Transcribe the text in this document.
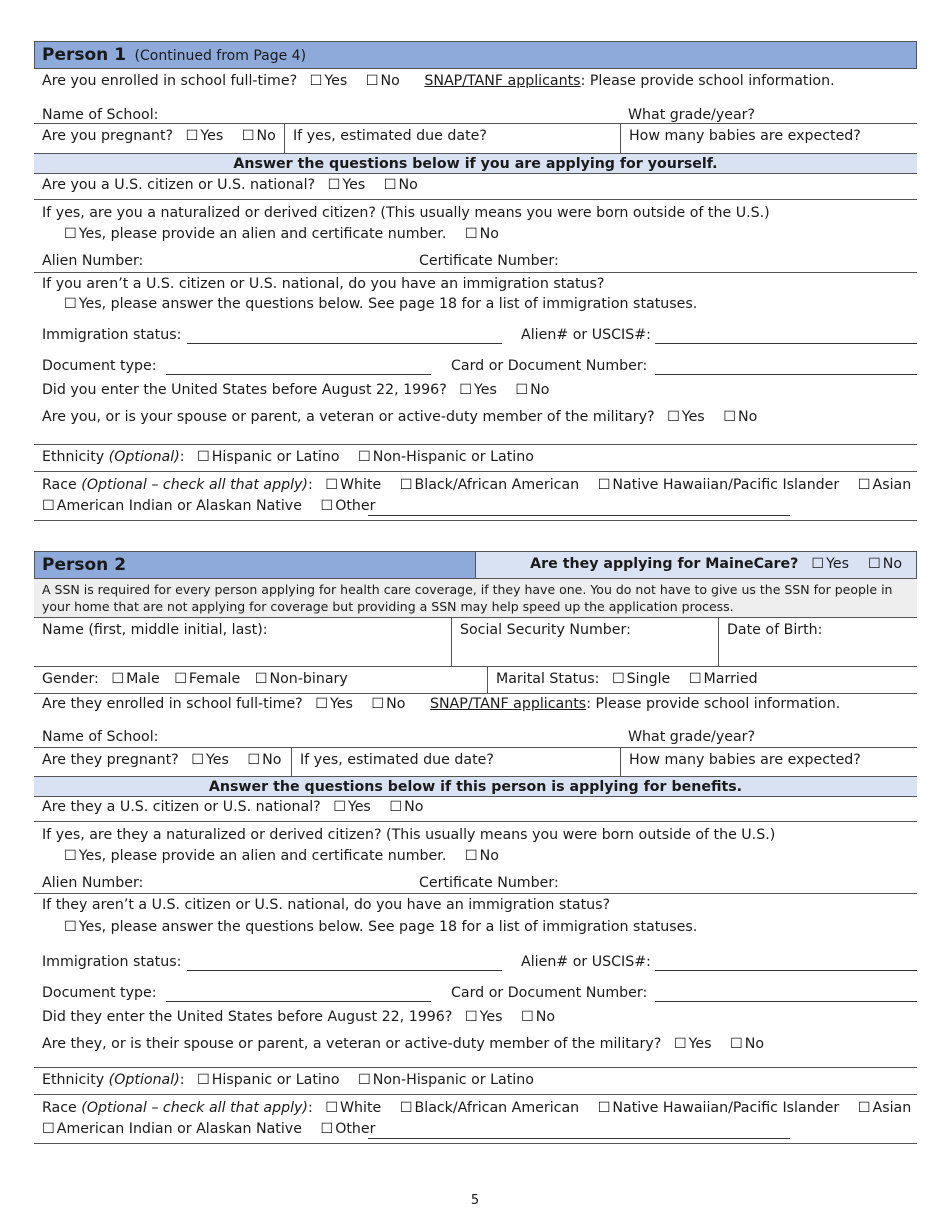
Person 1 (Continued from Page 4)
Are you enrolled in school full-time? ☐ Yes ☐ No SNAP/TANF applicants: Please provide school information.
Name of School:	What grade/year?
Are you pregnant? ☐ Yes ☐ No	If yes, estimated due date?	How many babies are expected?
Answer the questions below if you are applying for yourself.
Are you a U.S. citizen or U.S. national? ☐ Yes ☐ No
If yes, are you a naturalized or derived citizen? (This usually means you were born outside of the U.S.)
☐ Yes, please provide an alien and certificate number. ☐ No
Alien Number:	Certificate Number:
If you aren’t a U.S. citizen or U.S. national, do you have an immigration status?
☐ Yes, please answer the questions below. See page 18 for a list of immigration statuses.
Immigration status:	Alien# or USCIS#:
Document type:	Card or Document Number:
Did you enter the United States before August 22, 1996? ☐ Yes ☐ No
Are you, or is your spouse or parent, a veteran or active-duty member of the military? ☐ Yes ☐ No
Ethnicity (Optional): ☐ Hispanic or Latino ☐ Non-Hispanic or Latino
Race (Optional – check all that apply): ☐ White ☐ Black/African American ☐ Native Hawaiian/Pacific Islander ☐ Asian
☐ American Indian or Alaskan Native ☐ Other
Person 2	Are they applying for MaineCare? ☐ Yes ☐ No
A SSN is required for every person applying for health care coverage, if they have one. You do not have to give us the SSN for people in your home that are not applying for coverage but providing a SSN may help speed up the application process.
Name (first, middle initial, last):	Social Security Number:	Date of Birth:
Gender: ☐ Male ☐ Female ☐ Non-binary	Marital Status: ☐ Single ☐ Married
Are they enrolled in school full-time? ☐ Yes ☐ No SNAP/TANF applicants: Please provide school information.
Name of School:	What grade/year?
Are they pregnant? ☐ Yes ☐ No	If yes, estimated due date?	How many babies are expected?
Answer the questions below if this person is applying for benefits.
Are they a U.S. citizen or U.S. national? ☐ Yes ☐ No
If yes, are they a naturalized or derived citizen? (This usually means you were born outside of the U.S.)
☐ Yes, please provide an alien and certificate number. ☐ No
Alien Number:	Certificate Number:
If they aren’t a U.S. citizen or U.S. national, do you have an immigration status?
☐ Yes, please answer the questions below. See page 18 for a list of immigration statuses.
Immigration status:	Alien# or USCIS#:
Document type:	Card or Document Number:
Did they enter the United States before August 22, 1996? ☐ Yes ☐ No
Are they, or is their spouse or parent, a veteran or active-duty member of the military? ☐ Yes ☐ No
Ethnicity (Optional): ☐ Hispanic or Latino ☐ Non-Hispanic or Latino
Race (Optional – check all that apply): ☐ White ☐ Black/African American ☐ Native Hawaiian/Pacific Islander ☐ Asian
☐ American Indian or Alaskan Native ☐ Other
5
